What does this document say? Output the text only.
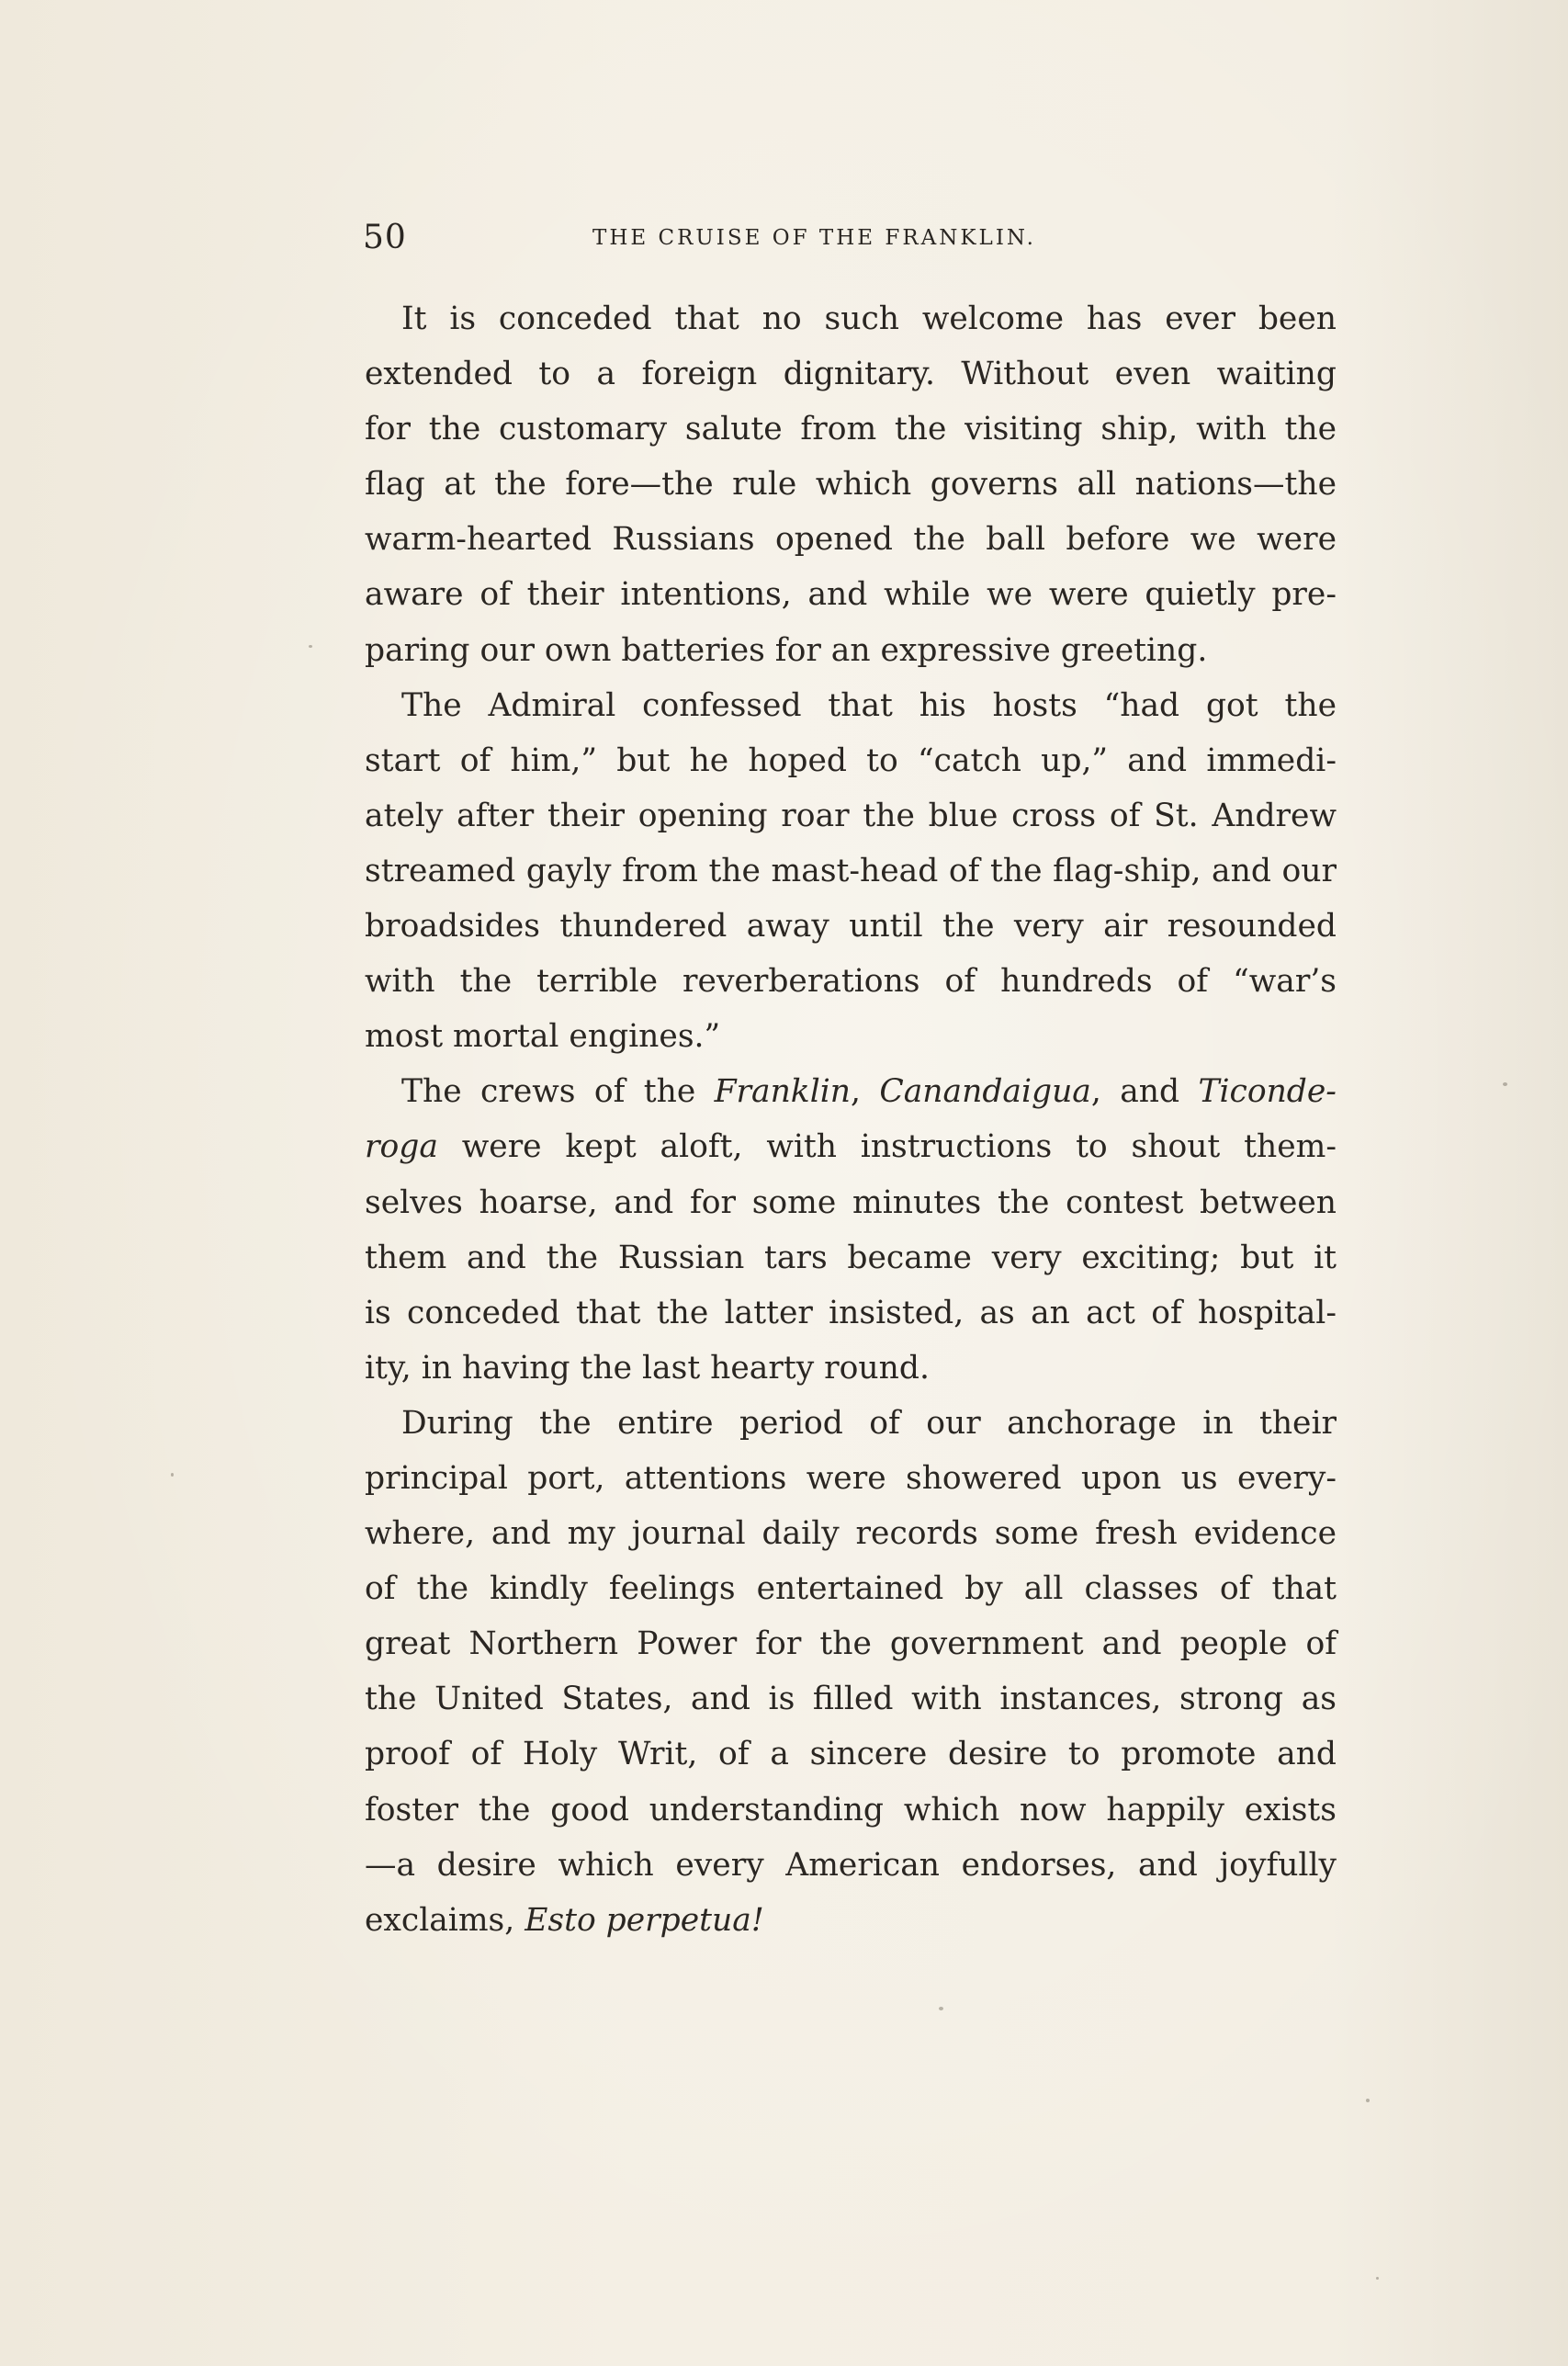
50	THE CRUISE OF THE FRANKLIN.
It is conceded that no such welcome has ever been
extended to a foreign dignitary. Without even waiting
for the customary salute from the visiting ship, with the
flag at the fore—the rule which governs all nations—the
warm-hearted Russians opened the ball before we were
aware of their intentions, and while we were quietly pre-
paring our own batteries for an expressive greeting.
The Admiral confessed that his hosts “had got the
start of him,” but he hoped to “catch up,” and immedi-
ately after their opening roar the blue cross of St. Andrew
streamed gayly from the mast-head of the flag-ship, and our
broadsides thundered away until the very air resounded
with the terrible reverberations of hundreds of “war’s
most mortal engines.”
The crews of the Franklin, Canandaigua, and Ticonde-
roga were kept aloft, with instructions to shout them-
selves hoarse, and for some minutes the contest between
them and the Russian tars became very exciting; but it
is conceded that the latter insisted, as an act of hospital-
ity, in having the last hearty round.
During the entire period of our anchorage in their
principal port, attentions were showered upon us every-
where, and my journal daily records some fresh evidence
of the kindly feelings entertained by all classes of that
great Northern Power for the government and people of
the United States, and is filled with instances, strong as
proof of Holy Writ, of a sincere desire to promote and
foster the good understanding which now happily exists
—a desire which every American endorses, and joyfully
exclaims, Esto perpetua!
